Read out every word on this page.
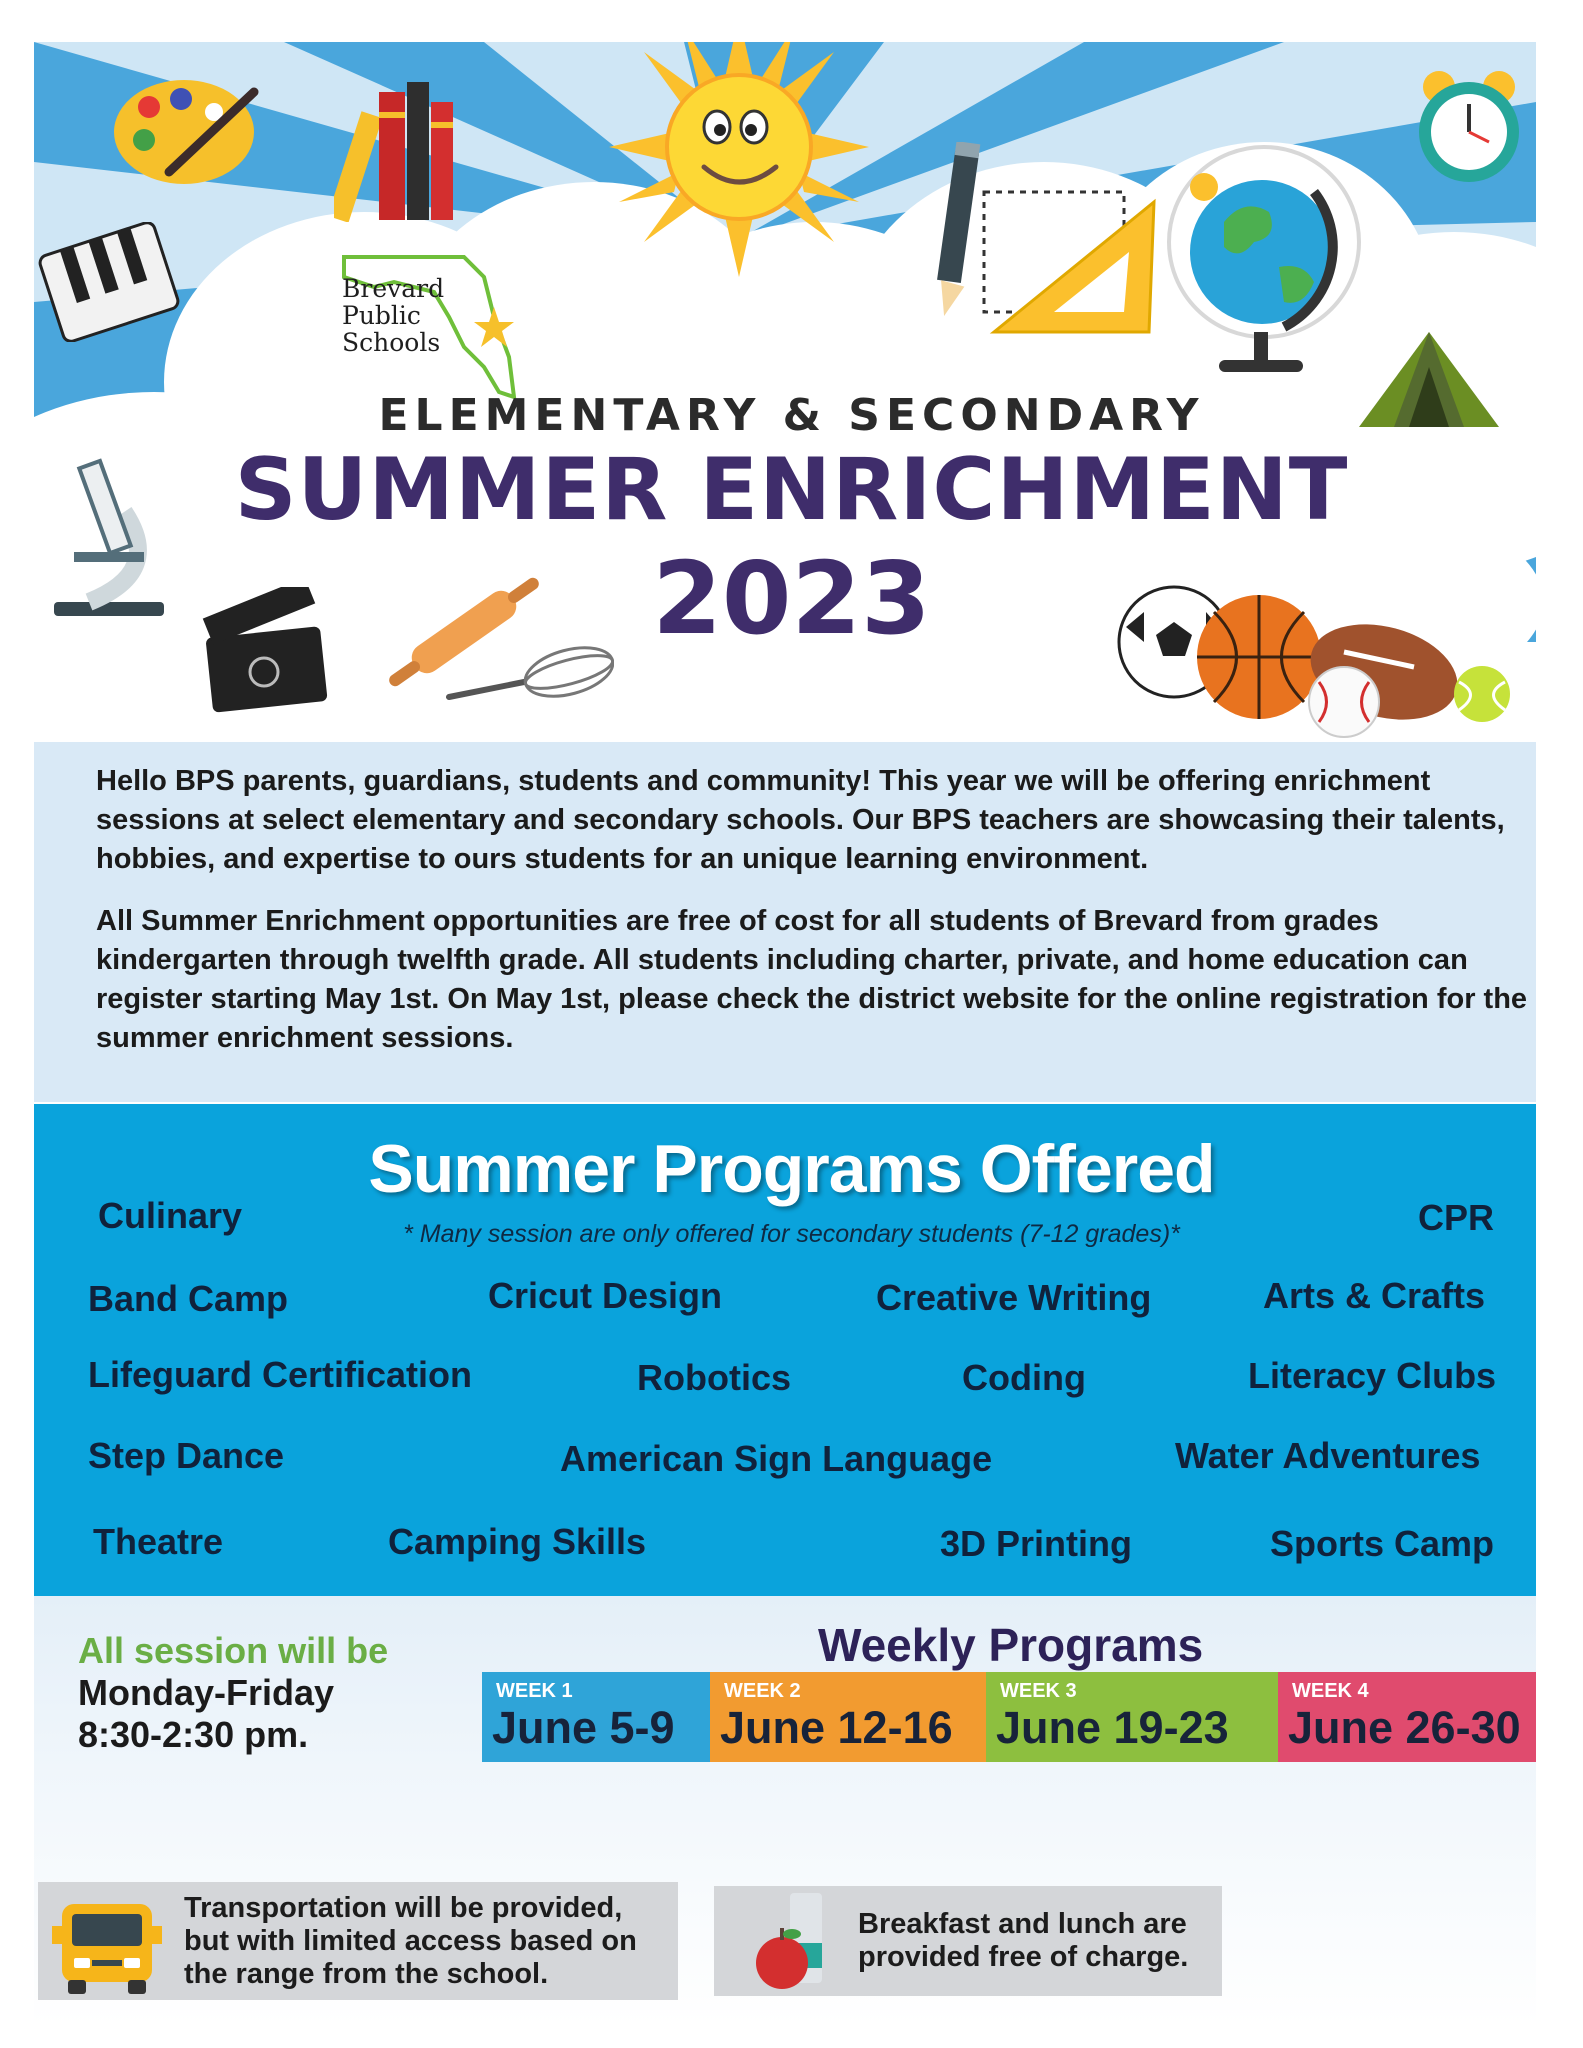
Brevard
Public
Schools
ELEMENTARY & SECONDARY
SUMMER ENRICHMENT
2023

Hello BPS parents, guardians, students and community! This year we will be offering enrichment sessions at select elementary and secondary schools. Our BPS teachers are showcasing their talents, hobbies, and expertise to ours students for an unique learning environment.

All Summer Enrichment opportunities are free of cost for all students of Brevard from grades kindergarten through twelfth grade. All students including charter, private, and home education can register starting May 1st. On May 1st, please check the district website for the online registration for the summer enrichment sessions.

Summer Programs Offered
* Many session are only offered for secondary students (7-12 grades)*
Culinary	CPR
Band Camp	Cricut Design	Creative Writing	Arts & Crafts
Lifeguard Certification	Robotics	Coding	Literacy Clubs
Step Dance	American Sign Language	Water Adventures
Theatre	Camping Skills	3D Printing	Sports Camp
All session will be
Monday-Friday
8:30-2:30 pm.
Weekly Programs
WEEK 1
June 5-9
WEEK 2
June 12-16
WEEK 3
June 19-23
WEEK 4
June 26-30
Transportation will be provided,
but with limited access based on
the range from the school.
Breakfast and lunch are
provided free of charge.
